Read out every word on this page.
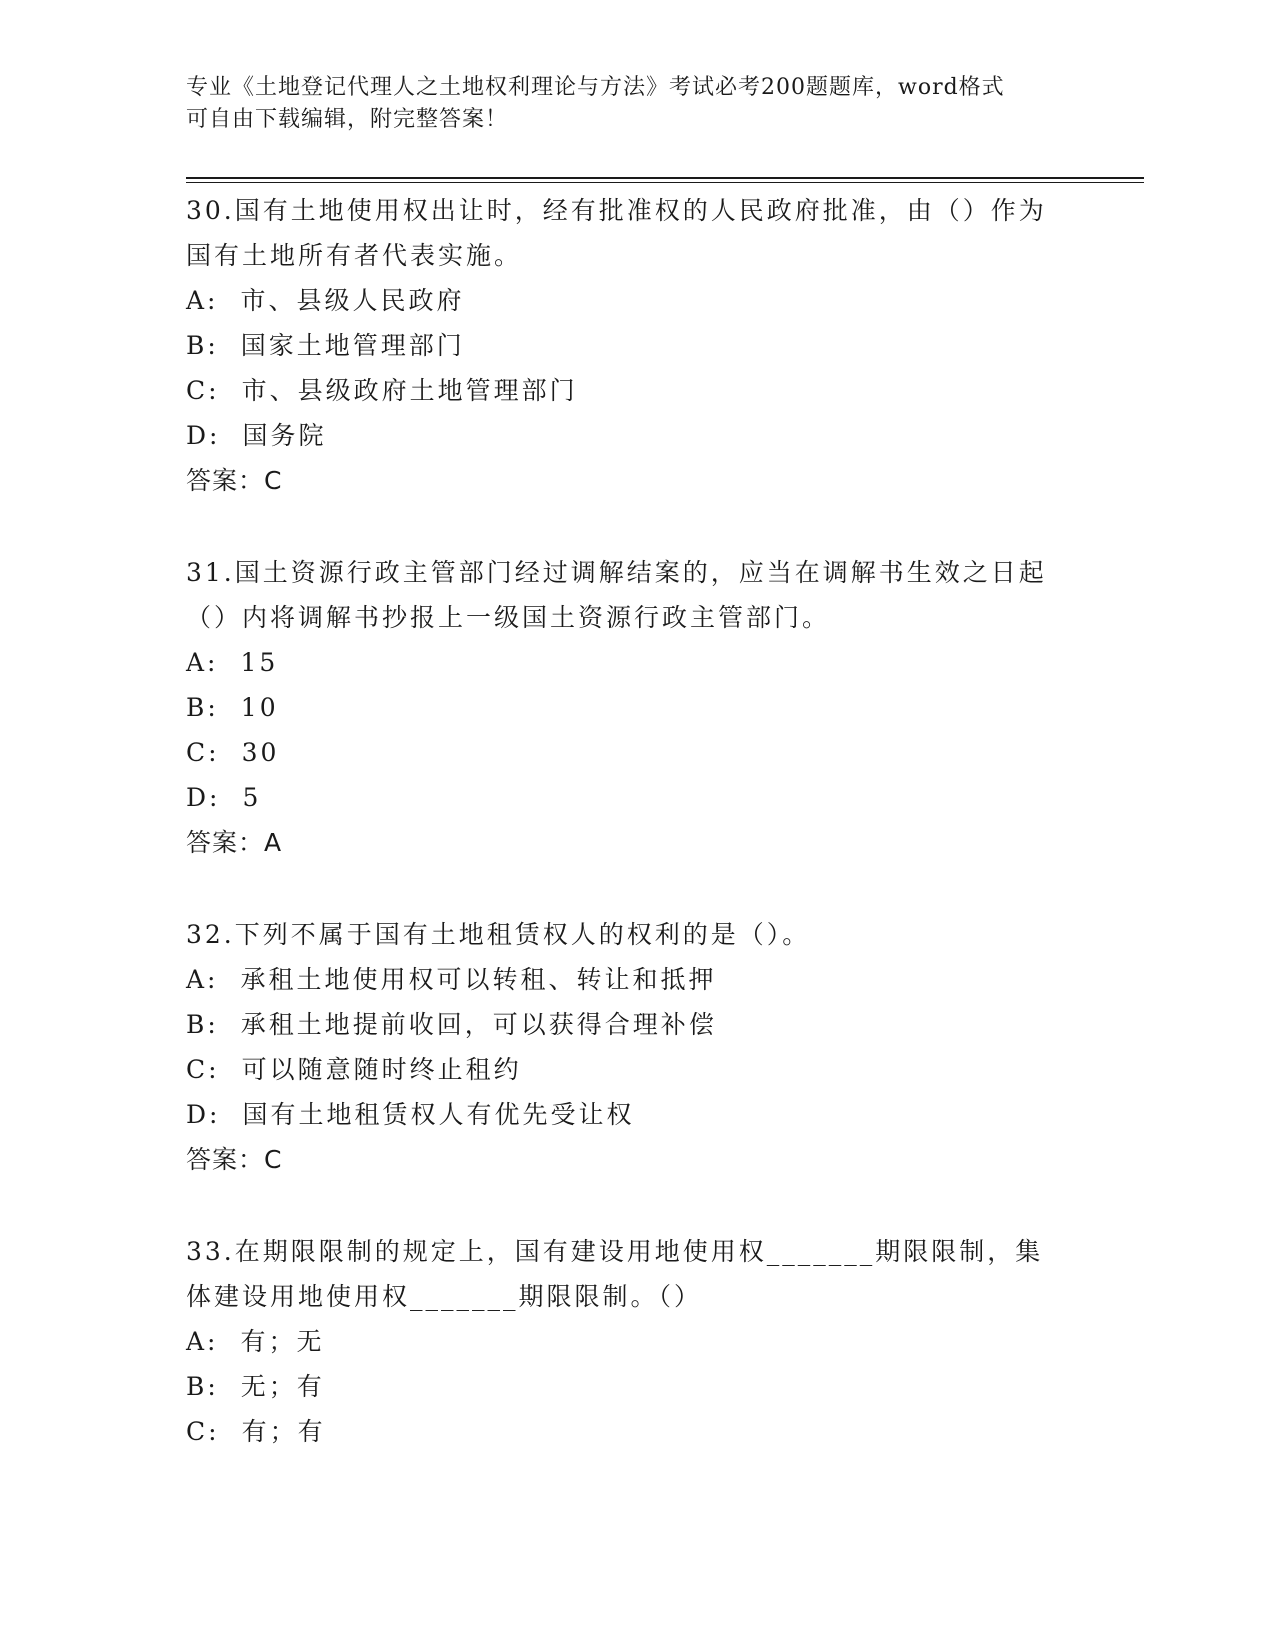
专业《土地登记代理人之土地权利理论与方法》考试必考200题题库，word格式
可自由下载编辑，附完整答案！

30.国有土地使用权出让时，经有批准权的人民政府批准，由（）作为

国有土地所有者代表实施。

A: 市、县级人民政府

B: 国家土地管理部门

C: 市、县级政府土地管理部门

D: 国务院

答案：C

31.国土资源行政主管部门经过调解结案的，应当在调解书生效之日起

（）内将调解书抄报上一级国土资源行政主管部门。

A: 15

B: 10

C: 30

D: 5

答案：A

32.下列不属于国有土地租赁权人的权利的是（）。

A: 承租土地使用权可以转租、转让和抵押

B: 承租土地提前收回，可以获得合理补偿

C: 可以随意随时终止租约

D: 国有土地租赁权人有优先受让权

答案：C

33.在期限限制的规定上，国有建设用地使用权_______期限限制，集

体建设用地使用权_______期限限制。（）

A: 有；无

B: 无；有

C: 有；有
